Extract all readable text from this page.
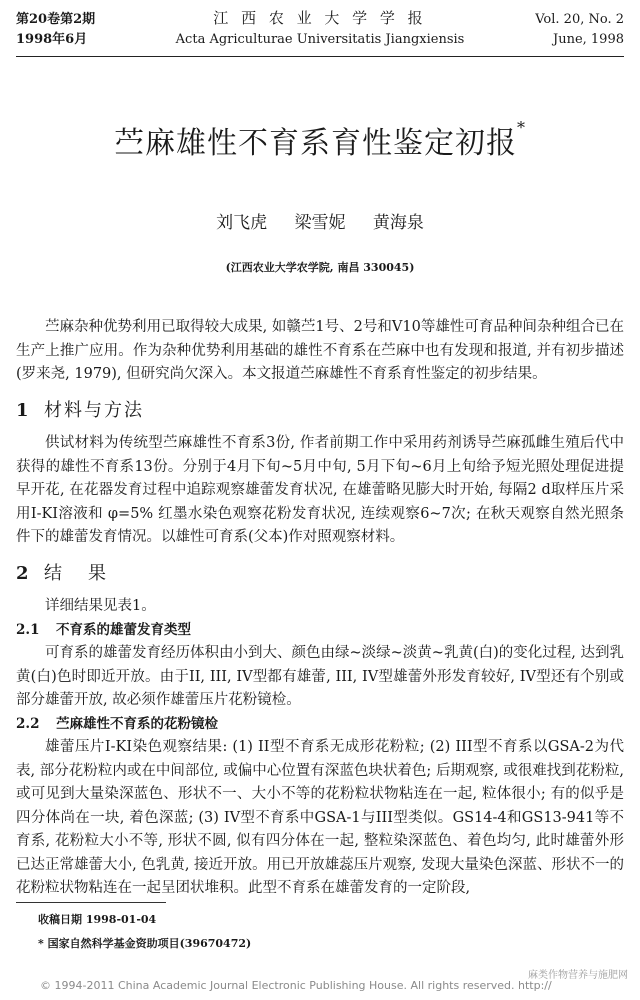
第20卷第2期	江 西 农 业 大 学 学 报	Vol. 20, No. 2
1998年6月	Acta Agriculturae Universitatis Jiangxiensis	June, 1998
苎麻雄性不育系育性鉴定初报*
刘飞虎 梁雪妮 黄海泉
(江西农业大学农学院, 南昌 330045)

苎麻杂种优势利用已取得较大成果, 如赣苎1号、2号和V10等雄性可育品种间杂种组合已在生产上推广应用。作为杂种优势利用基础的雄性不育系在苎麻中也有发现和报道, 并有初步描述(罗来尧, 1979), 但研究尚欠深入。本文报道苎麻雄性不育系育性鉴定的初步结果。

1 材料与方法

供试材料为传统型苎麻雄性不育系3份, 作者前期工作中采用药剂诱导苎麻孤雌生殖后代中获得的雄性不育系13份。分别于4月下旬~5月中旬, 5月下旬~6月上旬给予短光照处理促进提早开花, 在花器发育过程中追踪观察雄蕾发育状况, 在雄蕾略见膨大时开始, 每隔2 d取样压片采用I-KI溶液和 φ=5% 红墨水染色观察花粉发育状况, 连续观察6~7次; 在秋天观察自然光照条件下的雄蕾发育情况。以雄性可育系(父本)作对照观察材料。

2 结果

详细结果见表1。

2.1 不育系的雄蕾发育类型

可育系的雄蕾发育经历体积由小到大、颜色由绿~淡绿~淡黄~乳黄(白)的变化过程, 达到乳黄(白)色时即近开放。由于II, III, IV型都有雄蕾, III, IV型雄蕾外形发育较好, IV型还有个别或部分雄蕾开放, 故必须作雄蕾压片花粉镜检。

2.2 苎麻雄性不育系的花粉镜检

雄蕾压片I-KI染色观察结果: (1) II型不育系无成形花粉粒; (2) III型不育系以GSA-2为代表, 部分花粉粒内或在中间部位, 或偏中心位置有深蓝色块状着色; 后期观察, 或很难找到花粉粒, 或可见到大量染深蓝色、形状不一、大小不等的花粉粒状物粘连在一起, 粒体很小; 有的似乎是四分体尚在一块, 着色深蓝; (3) IV型不育系中GSA-1与III型类似。GS14-4和GS13-941等不育系, 花粉粒大小不等, 形状不圆, 似有四分体在一起, 整粒染深蓝色、着色均匀, 此时雄蕾外形已达正常雄蕾大小, 色乳黄, 接近开放。用已开放雄蕊压片观察, 发现大量染色深蓝、形状不一的花粉粒状物粘连在一起呈团状堆积。此型不育系在雄蕾发育的一定阶段,

收稿日期 1998-01-04
* 国家自然科学基金资助项目(39670472)
麻类作物营养与施肥网
© 1994-2011 China Academic Journal Electronic Publishing House. All rights reserved. http://
